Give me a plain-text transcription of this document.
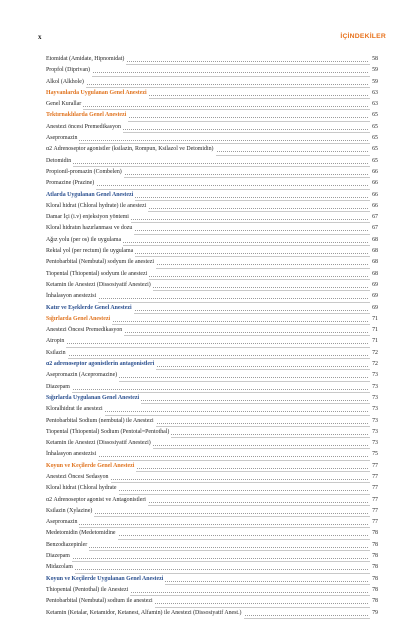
x	İÇİNDEKİLER
Etomidat (Amidate, Hipnomidat)	58
Propfol (Diprivan)	59
Alkol (Alkhole)	59
Hayvanlarda Uygulanan Genel Anestezi	63
Genel Kurallar	63
Tektırnaklılarda Genel Anestezi	65
Anestezi öncesi Premedikasyon	65
Asepromazin	65
α2 Adrenoseptor agonistler (ksilazin, Rompun, Ksilazol ve Detomidin)	65
Detomidin	65
Propionil-promazin (Combelen)	66
Promazine (Prazine)	66
Atlarda Uygulanan Genel Anestezi	66
Kloral hidrat (Chloral hydrate) ile anestezi	66
Damar İçi (i.v) enjeksiyon yöntemi	67
Kloral hidratın hazırlanması ve dozu	67
Ağız yolu (per os) ile uygulama	68
Rektal yol (per rectum) ile uygulama	68
Pentobarbital (Nembutal) sodyum ile anestezi	68
Tiopental (Thiopental) sodyum ile anestezi	68
Ketamin ile Anestezi (Dissosiyatif Anestezi)	69
İnhalasyon anestezisi	69
Katır ve Eşeklerde Genel Anestezi	69
Sığırlarda Genel Anestezi	71
Anestezi Öncesi Premedikasyon	71
Atropin	71
Ksilazin	72
α2 adrenoseptor agonistlerin antagonistleri	72
Asepromazin (Acepromazine)	73
Diazepam	73
Sığırlarda Uygulanan Genel Anestezi	73
Kloralhidrat ile anestezi	73
Pentobarbital Sodium (nembutal) ile Anestezi	73
Tiopental (Thiopental) Sodium (Pentotal=Pentothal)	73
Ketamin ile Anestezi (Dissosiyatif Anestezi)	73
İnhalasyon anestezisi	75
Koyun ve Keçilerde Genel Anestezi	77
Anestezi Öncesi Sedasyon	77
Kloral hidrat (Chloral hydrate	77
α2 Adrenoseptor agonist ve Antagonistleri	77
Ksilazin (Xylazine)	77
Asepromazin	77
Medetomidin (Medetomidine	78
Benzodiazepinler	78
Diazepam	78
Midazolam	78
Koyun ve Keçilerde Uygulanan Genel Anestezi	78
Thiopental (Pentothal) ile Anestezi	78
Pentobarbital (Nembutal) sodium ile anestezi	78
Ketamin (Ketalar, Ketamidor, Ketanest, Alfamin) ile Anestezi (Dissosiyatif Anest.)	79
